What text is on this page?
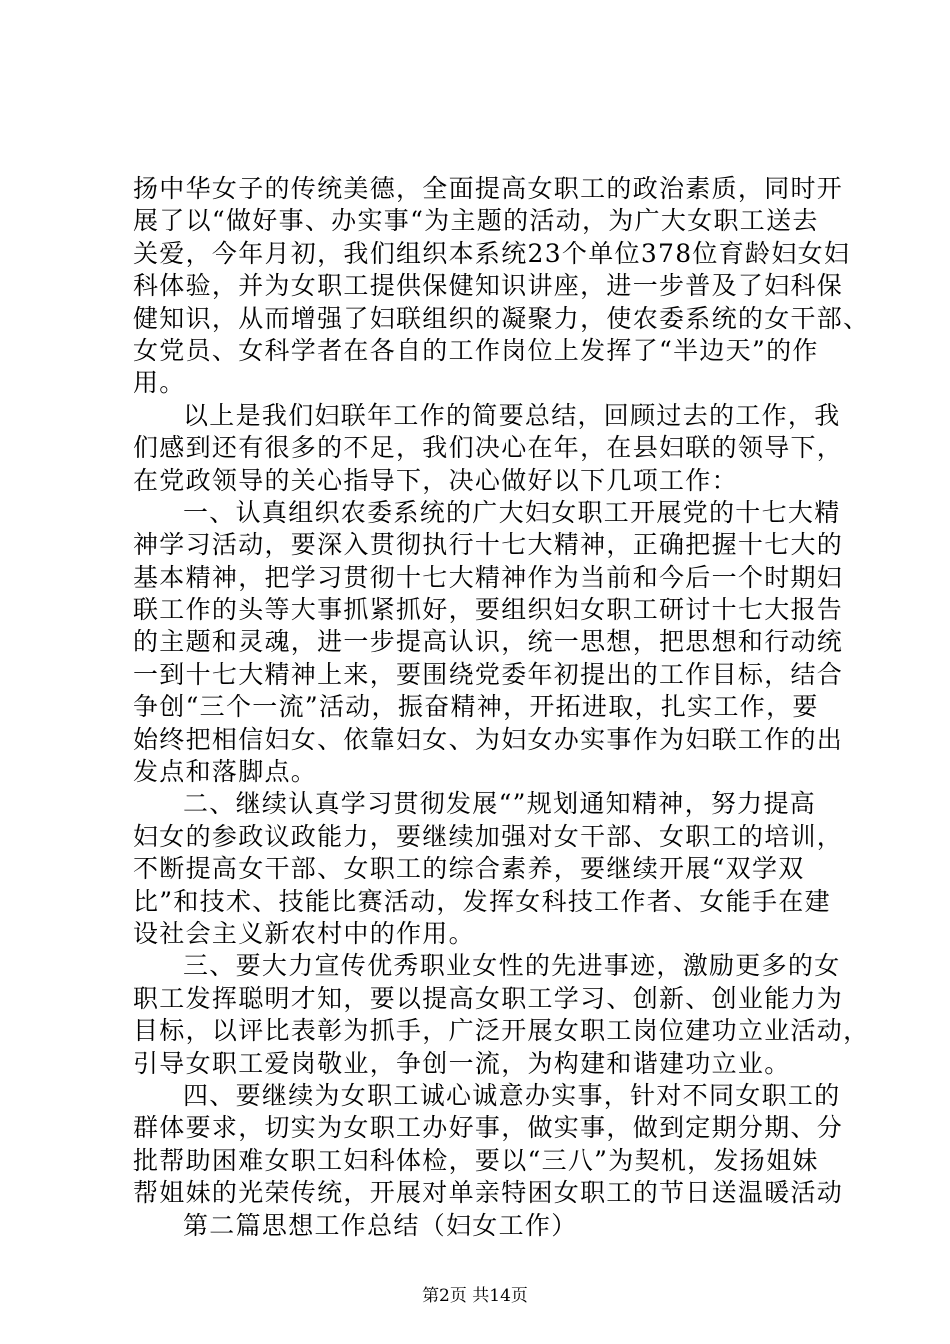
扬中华女子的传统美德，全面提高女职工的政治素质，同时开
展了以“做好事、办实事“为主题的活动，为广大女职工送去
关爱，今年月初，我们组织本系统23个单位378位育龄妇女妇
科体验，并为女职工提供保健知识讲座，进一步普及了妇科保
健知识，从而增强了妇联组织的凝聚力，使农委系统的女干部、
女党员、女科学者在各自的工作岗位上发挥了“半边天”的作
用。
以上是我们妇联年工作的简要总结，回顾过去的工作，我
们感到还有很多的不足，我们决心在年，在县妇联的领导下，
在党政领导的关心指导下，决心做好以下几项工作：
一、认真组织农委系统的广大妇女职工开展党的十七大精
神学习活动，要深入贯彻执行十七大精神，正确把握十七大的
基本精神，把学习贯彻十七大精神作为当前和今后一个时期妇
联工作的头等大事抓紧抓好，要组织妇女职工研讨十七大报告
的主题和灵魂，进一步提高认识，统一思想，把思想和行动统
一到十七大精神上来，要围绕党委年初提出的工作目标，结合
争创“三个一流”活动，振奋精神，开拓进取，扎实工作，要
始终把相信妇女、依靠妇女、为妇女办实事作为妇联工作的出
发点和落脚点。
二、继续认真学习贯彻发展“”规划通知精神，努力提高
妇女的参政议政能力，要继续加强对女干部、女职工的培训，
不断提高女干部、女职工的综合素养，要继续开展“双学双
比”和技术、技能比赛活动，发挥女科技工作者、女能手在建
设社会主义新农村中的作用。
三、要大力宣传优秀职业女性的先进事迹，激励更多的女
职工发挥聪明才知，要以提高女职工学习、创新、创业能力为
目标，以评比表彰为抓手，广泛开展女职工岗位建功立业活动，
引导女职工爱岗敬业，争创一流，为构建和谐建功立业。
四、要继续为女职工诚心诚意办实事，针对不同女职工的
群体要求，切实为女职工办好事，做实事，做到定期分期、分
批帮助困难女职工妇科体检，要以“三八”为契机，发扬姐妹
帮姐妹的光荣传统，开展对单亲特困女职工的节日送温暖活动
第二篇思想工作总结（妇女工作）
第2页 共14页
